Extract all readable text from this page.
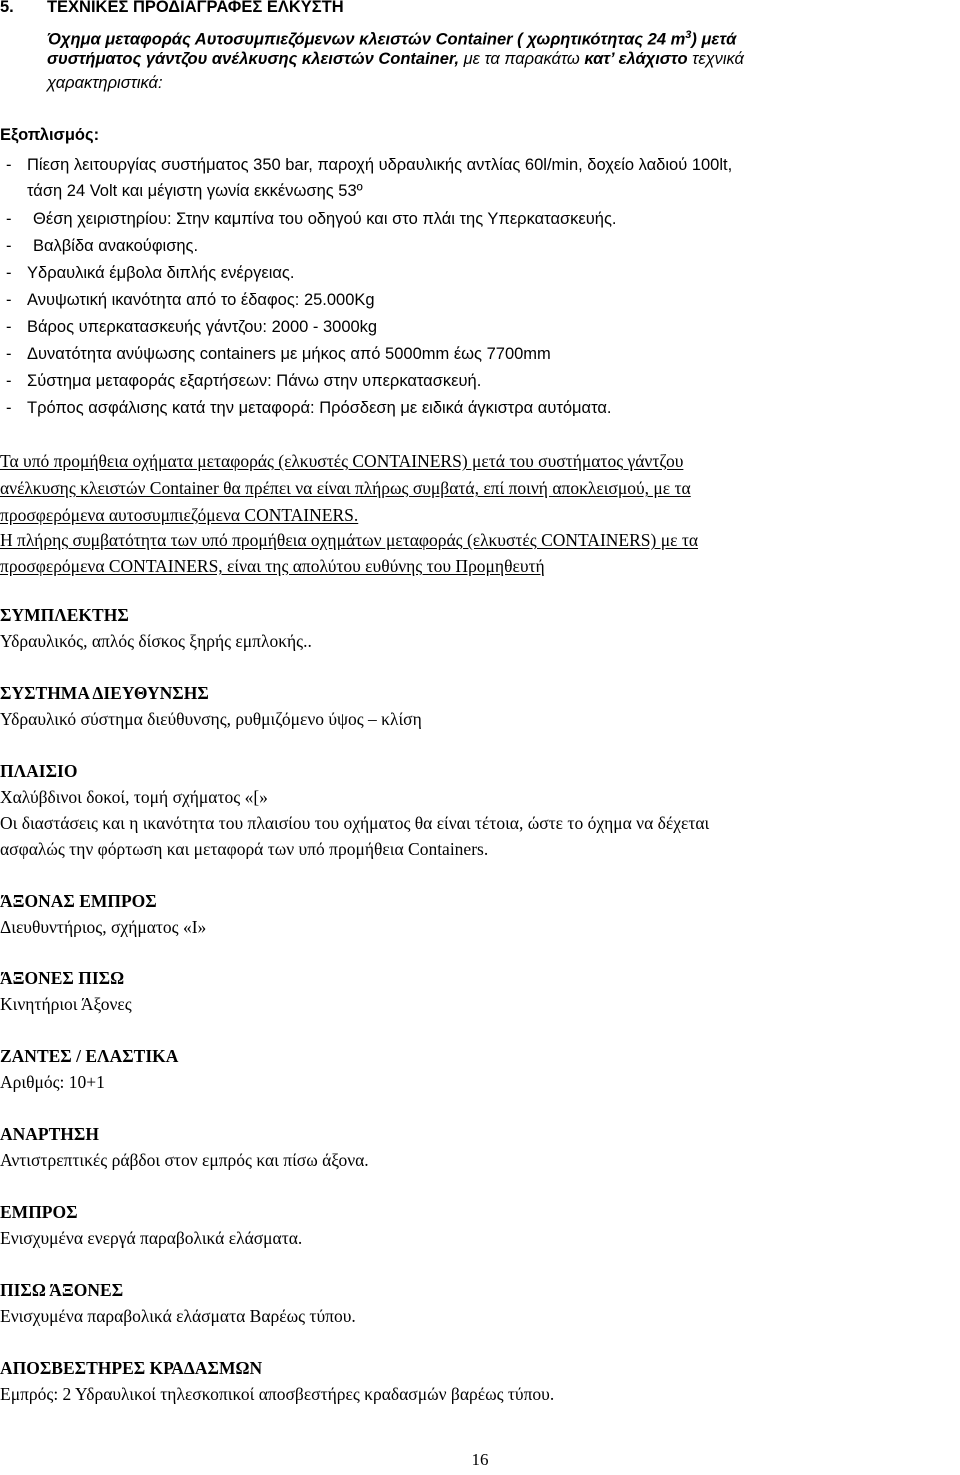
5. ΤΕΧΝΙΚΕΣ ΠΡΟΔΙΑΓΡΑΦΕΣ ΕΛΚΥΣΤΗ
Όχημα μεταφοράς Αυτοσυμπιεζόμενων κλειστών Container ( χωρητικότητας 24 $m^3$) μετά
συστήματος γάντζου ανέλκυσης κλειστών Container, με τα παρακάτω κατ’ ελάχιστο τεχνικά
χαρακτηριστικά:
Εξοπλισμός:
- Πίεση λειτουργίας συστήματος 350 bar, παροχή υδραυλικής αντλίας 60l/min, δοχείο λαδιού 100lt,
τάση 24 Volt και μέγιστη γωνία εκκένωσης 53º
- Θέση χειριστηρίου: Στην καμπίνα του οδηγού και στο πλάι της Υπερκατασκευής.
- Βαλβίδα ανακούφισης.
- Υδραυλικά έμβολα διπλής ενέργειας.
- Ανυψωτική ικανότητα από το έδαφος: 25.000Kg
- Βάρος υπερκατασκευής γάντζου: 2000 - 3000kg
- Δυνατότητα ανύψωσης containers με μήκος από 5000mm έως 7700mm
- Σύστημα μεταφοράς εξαρτήσεων: Πάνω στην υπερκατασκευή.
- Τρόπος ασφάλισης κατά την μεταφορά: Πρόσδεση με ειδικά άγκιστρα αυτόματα.
Τα υπό προμήθεια οχήματα μεταφοράς (ελκυστές CONTAINERS) μετά του συστήματος γάντζου
ανέλκυσης κλειστών Container θα πρέπει να είναι πλήρως συμβατά, επί ποινή αποκλεισμού, με τα
προσφερόμενα αυτοσυμπιεζόμενα CONTAINERS.
Η πλήρης συμβατότητα των υπό προμήθεια οχημάτων μεταφοράς (ελκυστές CONTAINERS) με τα
προσφερόμενα CONTAINERS, είναι της απολύτου ευθύνης του Προμηθευτή
ΣΥΜΠΛΕΚΤΗΣ
Υδραυλικός, απλός δίσκος ξηρής εμπλοκής..
ΣΥΣΤΗΜΑ ΔΙΕΥΘΥΝΣΗΣ
Υδραυλικό σύστημα διεύθυνσης, ρυθμιζόμενο ύψος – κλίση
ΠΛΑΙΣΙΟ
Χαλύβδινοι δοκοί, τομή σχήματος «[»
Οι διαστάσεις και η ικανότητα του πλαισίου του οχήματος θα είναι τέτοια, ώστε το όχημα να δέχεται
ασφαλώς την φόρτωση και μεταφορά των υπό προμήθεια Containers.
ΆΞΟΝΑΣ ΕΜΠΡΟΣ
Διευθυντήριος, σχήματος «Ι»
ΆΞΟΝΕΣ ΠΙΣΩ
Κινητήριοι Άξονες
ΖΑΝΤΕΣ / ΕΛΑΣΤΙΚΑ
Αριθμός: 10+1
ΑΝΑΡΤΗΣΗ
Αντιστρεπτικές ράβδοι στον εμπρός και πίσω άξονα.
ΕΜΠΡΟΣ
Ενισχυμένα ενεργά παραβολικά ελάσματα.
ΠΙΣΩ ΆΞΟΝΕΣ
Ενισχυμένα παραβολικά ελάσματα Βαρέως τύπου.
ΑΠΟΣΒΕΣΤΗΡΕΣ ΚΡΑΔΑΣΜΩΝ
Εμπρός: 2 Υδραυλικοί τηλεσκοπικοί αποσβεστήρες κραδασμών βαρέως τύπου.
16
